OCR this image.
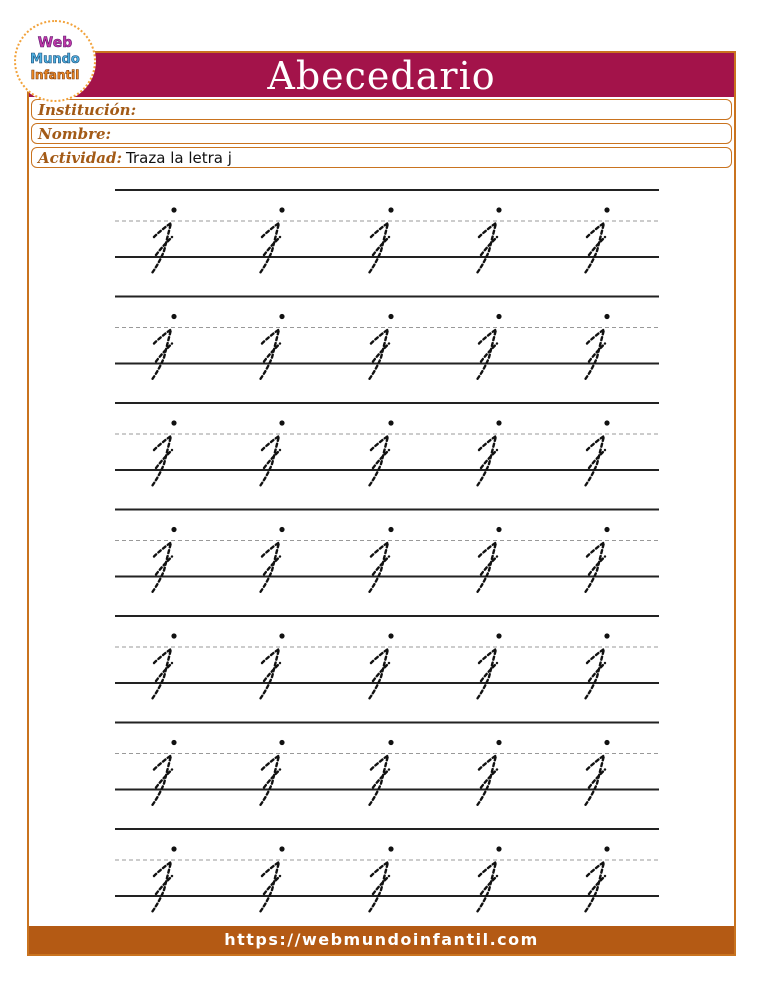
Abecedario
Institución:
Nombre:
Actividad: Traza la letra j
https://webmundoinfantil.com
Web
Mundo
Infantil
